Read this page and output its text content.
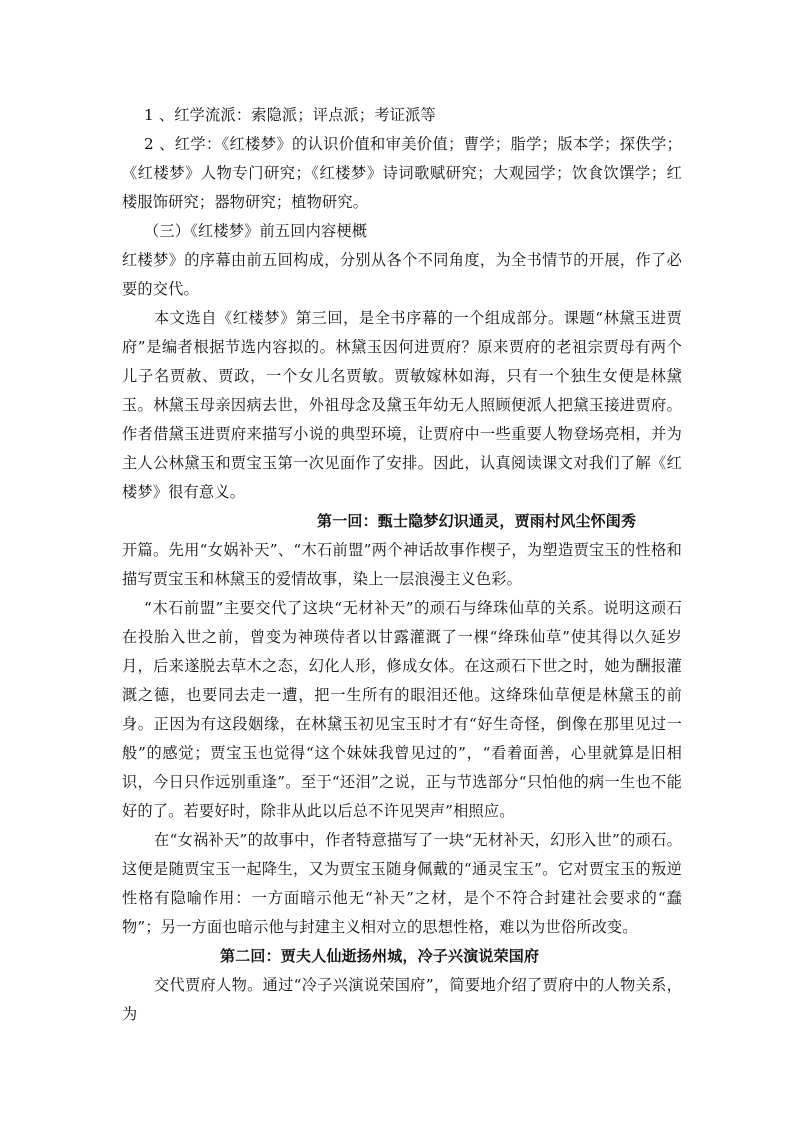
1 、红学流派：索隐派；评点派；考证派等

2 、红学：《红楼梦》的认识价值和审美价值；曹学；脂学；版本学；探佚学；《红楼梦》人物专门研究；《红楼梦》诗词歌赋研究；大观园学；饮食饮馔学；红楼服饰研究；器物研究；植物研究。

（三）《红楼梦》前五回内容梗概

红楼梦》的序幕由前五回构成，分别从各个不同角度，为全书情节的开展，作了必要的交代。

本文选自《红楼梦》第三回，是全书序幕的一个组成部分。课题“林黛玉进贾府”是编者根据节选内容拟的。林黛玉因何进贾府？原来贾府的老祖宗贾母有两个儿子名贾赦、贾政，一个女儿名贾敏。贾敏嫁林如海，只有一个独生女便是林黛玉。林黛玉母亲因病去世，外祖母念及黛玉年幼无人照顾便派人把黛玉接进贾府。作者借黛玉进贾府来描写小说的典型环境，让贾府中一些重要人物登场亮相，并为主人公林黛玉和贾宝玉第一次见面作了安排。因此，认真阅读课文对我们了解《红楼梦》很有意义。

第一回：甄士隐梦幻识通灵，贾雨村风尘怀闺秀

开篇。先用“女娲补天”、“木石前盟”两个神话故事作楔子，为塑造贾宝玉的性格和描写贾宝玉和林黛玉的爱情故事，染上一层浪漫主义色彩。

“木石前盟”主要交代了这块“无材补天”的顽石与绛珠仙草的关系。说明这顽石在投胎入世之前，曾变为神瑛侍者以甘露灌溉了一棵“绛珠仙草”使其得以久延岁月，后来遂脱去草木之态，幻化人形，修成女体。在这顽石下世之时，她为酬报灌溉之德，也要同去走一遭，把一生所有的眼泪还他。这绛珠仙草便是林黛玉的前身。正因为有这段姻缘，在林黛玉初见宝玉时才有“好生奇怪，倒像在那里见过一般”的感觉；贾宝玉也觉得“这个妹妹我曾见过的”，“看着面善，心里就算是旧相识，今日只作远别重逢”。至于“还泪”之说，正与节选部分“只怕他的病一生也不能好的了。若要好时，除非从此以后总不许见哭声”相照应。

在“女祸补天”的故事中，作者特意描写了一块“无材补天，幻形入世”的顽石。这便是随贾宝玉一起降生，又为贾宝玉随身佩戴的“通灵宝玉”。它对贾宝玉的叛逆性格有隐喻作用：一方面暗示他无“补天”之材，是个不符合封建社会要求的“蠢物”；另一方面也暗示他与封建主义相对立的思想性格，难以为世俗所改变。

第二回：贾夫人仙逝扬州城，冷子兴演说荣国府

交代贾府人物。通过“冷子兴演说荣国府”，简要地介绍了贾府中的人物关系，为
